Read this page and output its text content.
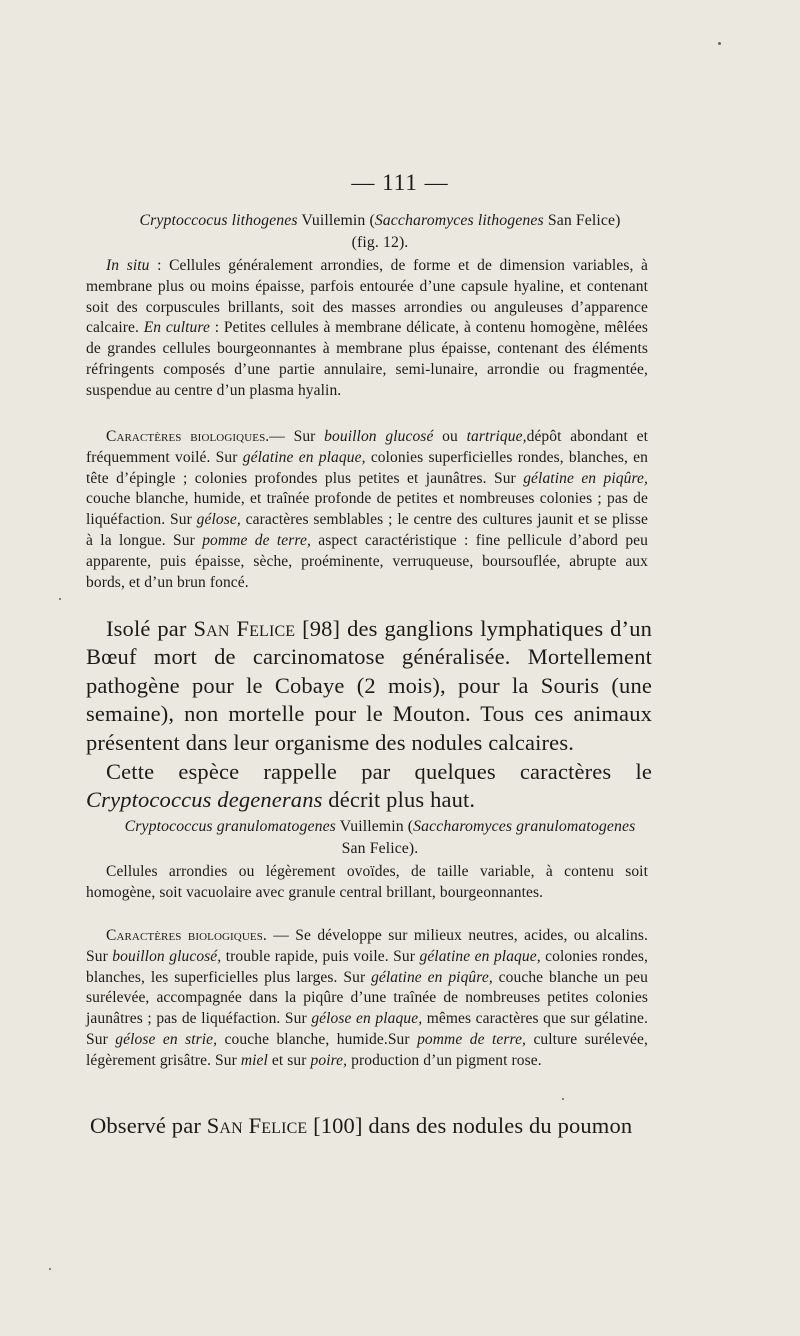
— 111 —
Cryptoccocus lithogenes Vuillemin (Saccharomyces lithogenes San Felice)
(fig. 12).

In situ : Cellules généralement arrondies, de forme et de dimension variables, à membrane plus ou moins épaisse, parfois entourée d’une capsule hyaline, et contenant soit des corpuscules brillants, soit des masses arrondies ou anguleuses d’apparence calcaire. En culture : Petites cellules à membrane délicate, à contenu homogène, mêlées de grandes cellules bourgeonnantes à membrane plus épaisse, contenant des éléments réfringents composés d’une partie annulaire, semi-lunaire, arrondie ou fragmentée, suspendue au centre d’un plasma hyalin.

Caractères biologiques.— Sur bouillon glucosé ou tartrique,dépôt abondant et fréquemment voilé. Sur gélatine en plaque, colonies superficielles rondes, blanches, en tête d’épingle ; colonies profondes plus petites et jaunâtres. Sur gélatine en piqûre, couche blanche, humide, et traînée profonde de petites et nombreuses colonies ; pas de liquéfaction. Sur gélose, caractères semblables ; le centre des cultures jaunit et se plisse à la longue. Sur pomme de terre, aspect caractéristique : fine pellicule d’abord peu apparente, puis épaisse, sèche, proéminente, verruqueuse, boursouflée, abrupte aux bords, et d’un brun foncé.

Isolé par San Felice [98] des ganglions lymphatiques d’un Bœuf mort de carcinomatose généralisée. Mortellement pathogène pour le Cobaye (2 mois), pour la Souris (une semaine), non mortelle pour le Mouton. Tous ces animaux présentent dans leur organisme des nodules calcaires.

Cette espèce rappelle par quelques caractères le Cryptococcus degenerans décrit plus haut.

Cryptococcus granulomatogenes Vuillemin (Saccharomyces granulomatogenes
San Felice).

Cellules arrondies ou légèrement ovoïdes, de taille variable, à contenu soit homogène, soit vacuolaire avec granule central brillant, bourgeonnantes.

Caractères biologiques. — Se développe sur milieux neutres, acides, ou alcalins. Sur bouillon glucosé, trouble rapide, puis voile. Sur gélatine en plaque, colonies rondes, blanches, les superficielles plus larges. Sur gélatine en piqûre, couche blanche un peu surélevée, accompagnée dans la piqûre d’une traînée de nombreuses petites colonies jaunâtres ; pas de liquéfaction. Sur gélose en plaque, mêmes caractères que sur gélatine. Sur gélose en strie, couche blanche, humide.Sur pomme de terre, culture surélevée, légèrement grisâtre. Sur miel et sur poire, production d’un pigment rose.

Observé par San Felice [100] dans des nodules du poumon
